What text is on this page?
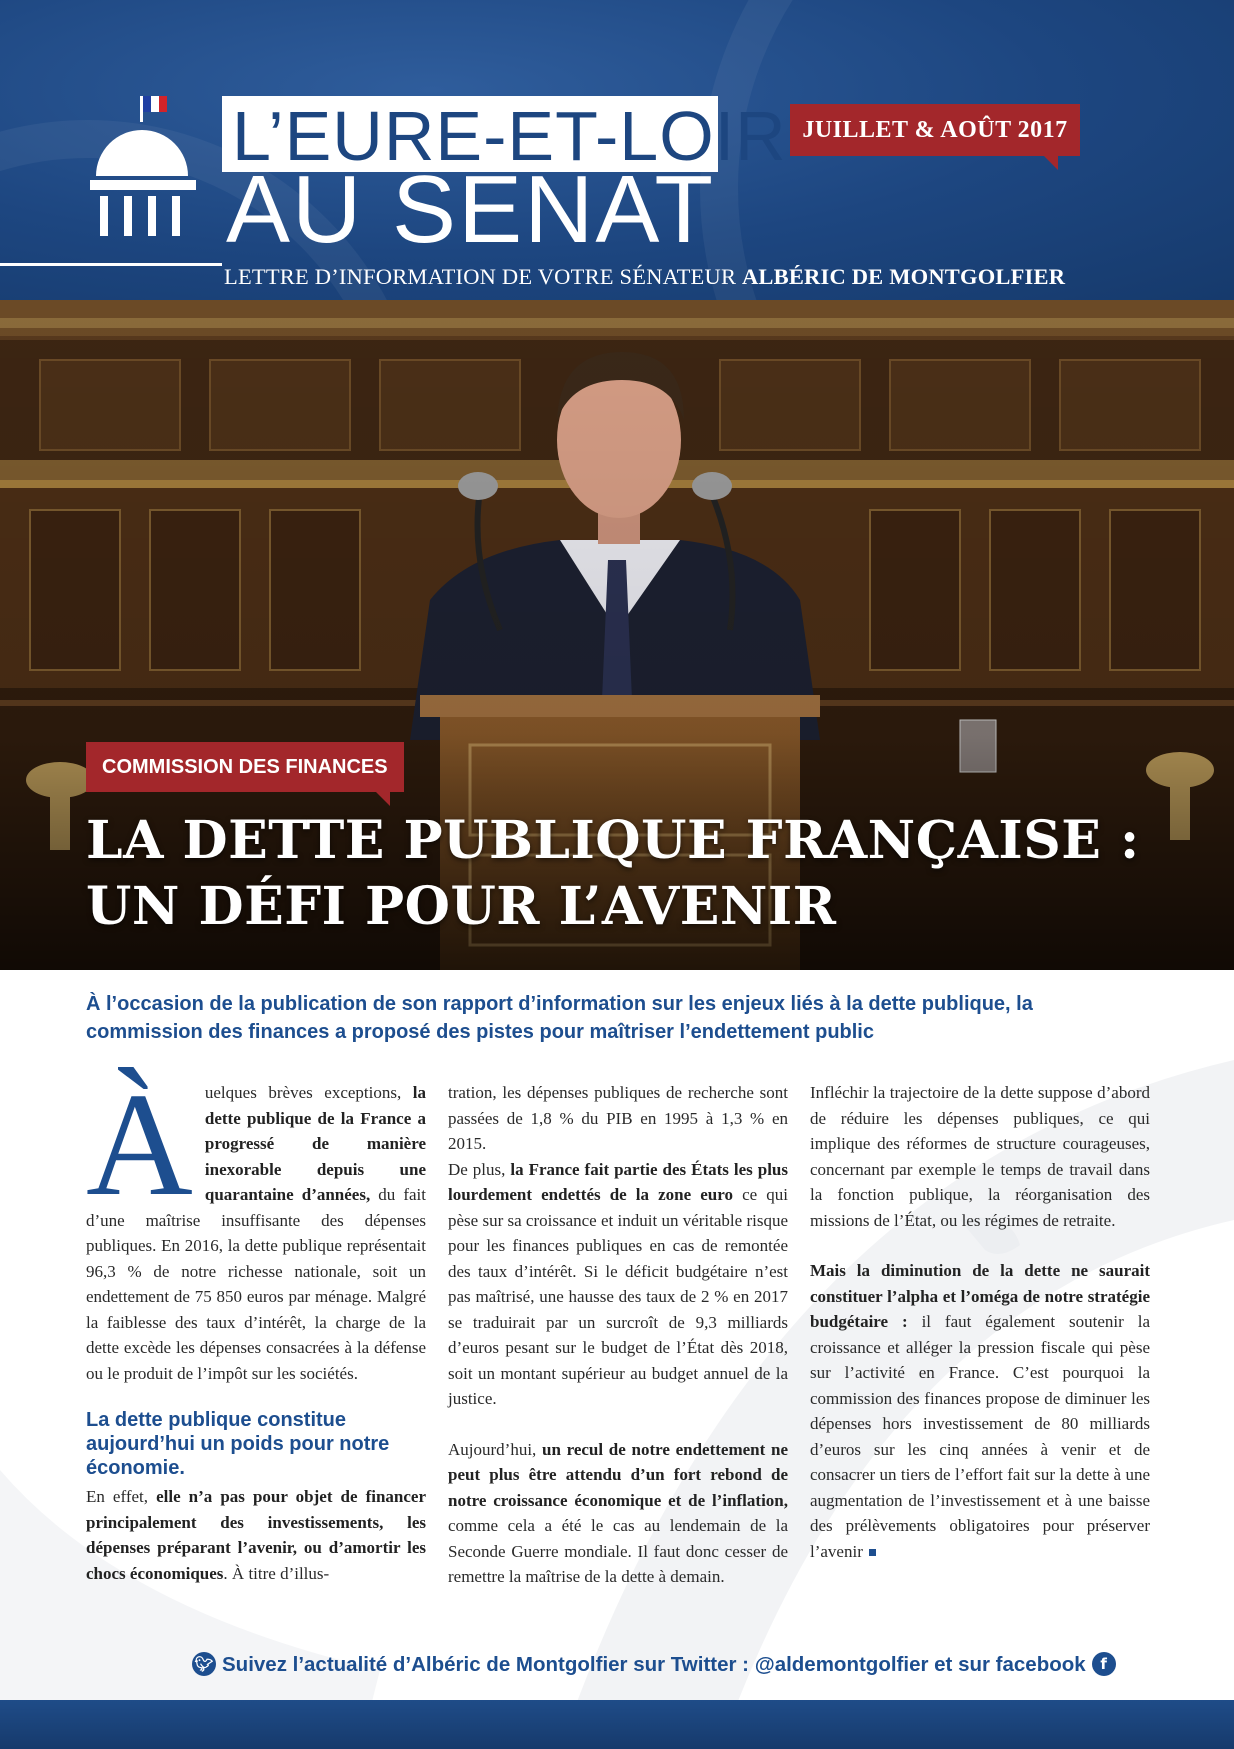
L’EURE-ET-LOIR
AU SENAT
JUILLET & AOÛT 2017
LETTRE D’INFORMATION DE VOTRE SÉNATEUR ALBÉRIC DE MONTGOLFIER
COMMISSION DES FINANCES
LA DETTE PUBLIQUE FRANÇAISE :
UN DÉFI POUR L’AVENIR
À l’occasion de la publication de son rapport d’information sur les enjeux liés à la dette publique, la commission des finances a proposé des pistes pour maîtriser l’endettement public

Àuelques brèves exceptions, la dette publique de la France a progressé de manière inexorable depuis une quarantaine d’années, du fait d’une maîtrise insuffisante des dépenses publiques. En 2016, la dette publique représentait 96,3 % de notre richesse nationale, soit un endettement de 75 850 euros par ménage. Malgré la faiblesse des taux d’intérêt, la charge de la dette excède les dépenses consacrées à la défense ou le produit de l’impôt sur les sociétés.

La dette publique constitue aujourd’hui un poids pour notre économie.

En effet, elle n’a pas pour objet de financer principalement des investissements, les dépenses préparant l’avenir, ou d’amortir les chocs économiques. À titre d’illus-

tration, les dépenses publiques de recherche sont passées de 1,8 % du PIB en 1995 à 1,3 % en 2015.

De plus, la France fait partie des États les plus lourdement endettés de la zone euro ce qui pèse sur sa croissance et induit un véritable risque pour les finances publiques en cas de remontée des taux d’intérêt. Si le déficit budgétaire n’est pas maîtrisé, une hausse des taux de 2 % en 2017 se traduirait par un surcroît de 9,3 milliards d’euros pesant sur le budget de l’État dès 2018, soit un montant supérieur au budget annuel de la justice.

Aujourd’hui, un recul de notre endettement ne peut plus être attendu d’un fort rebond de notre croissance économique et de l’inflation, comme cela a été le cas au lendemain de la Seconde Guerre mondiale. Il faut donc cesser de remettre la maîtrise de la dette à demain.

Infléchir la trajectoire de la dette suppose d’abord de réduire les dépenses publiques, ce qui implique des réformes de structure courageuses, concernant par exemple le temps de travail dans la fonction publique, la réorganisation des missions de l’État, ou les régimes de retraite.

Mais la diminution de la dette ne saurait constituer l’alpha et l’oméga de notre stratégie budgétaire : il faut également soutenir la croissance et alléger la pression fiscale qui pèse sur l’activité en France. C’est pourquoi la commission des finances propose de diminuer les dépenses hors investissement de 80 milliards d’euros sur les cinq années à venir et de consacrer un tiers de l’effort fait sur la dette à une augmentation de l’investissement et à une baisse des prélèvements obligatoires pour préserver l’avenir

🐦︎ Suivez l’actualité d’Albéric de Montgolfier sur Twitter : @aldemontgolfier et sur facebook f
